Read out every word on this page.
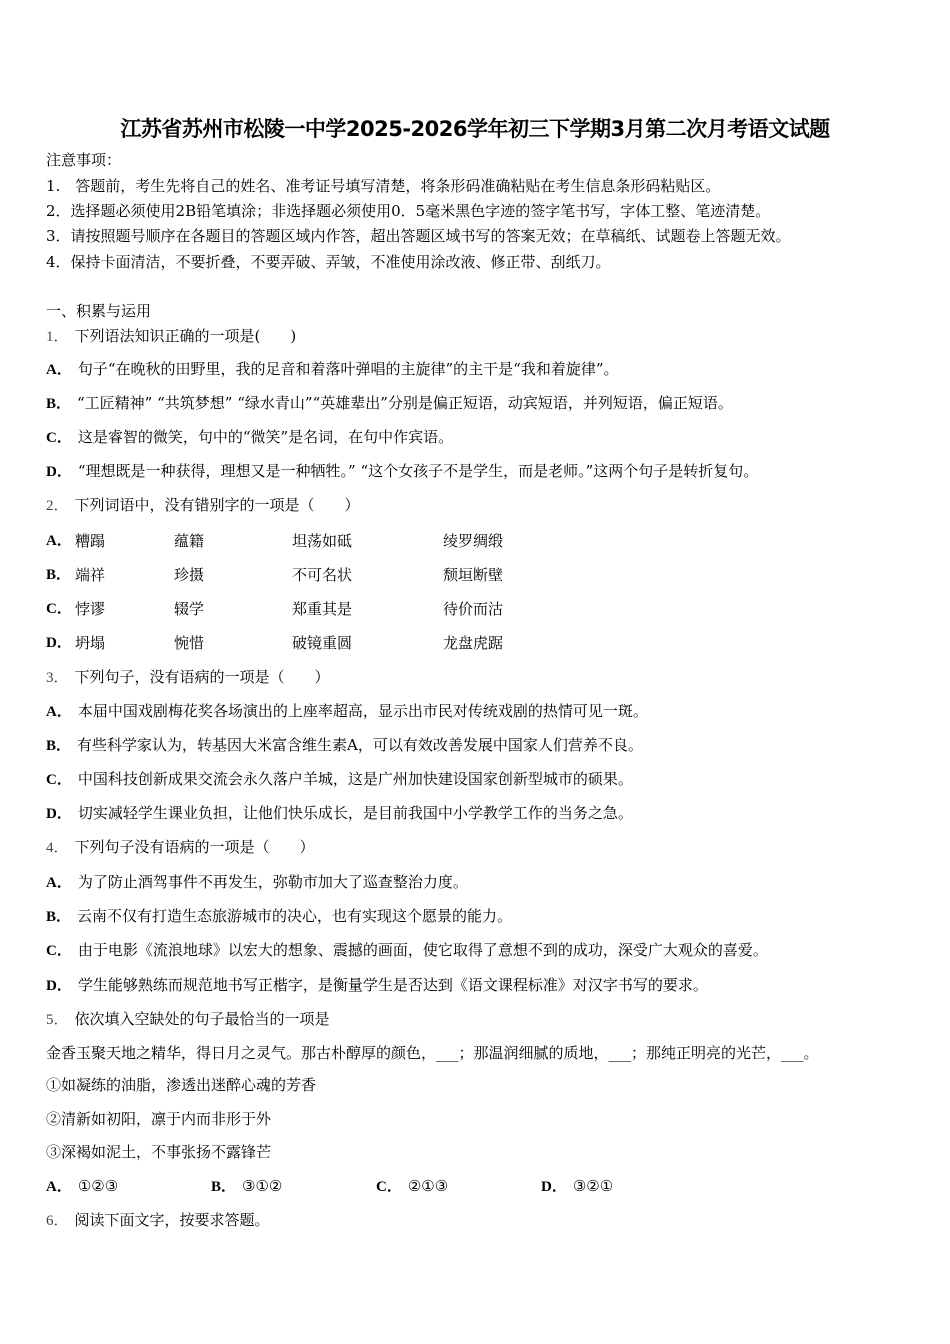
江苏省苏州市松陵一中学2025-2026学年初三下学期3月第二次月考语文试题
注意事项：
1.　答题前，考生先将自己的姓名、准考证号填写清楚，将条形码准确粘贴在考生信息条形码粘贴区。
2．选择题必须使用2B铅笔填涂；非选择题必须使用0．5毫米黑色字迹的签字笔书写，字体工整、笔迹清楚。
3．请按照题号顺序在各题目的答题区域内作答，超出答题区域书写的答案无效；在草稿纸、试题卷上答题无效。
4．保持卡面清洁，不要折叠，不要弄破、弄皱，不准使用涂改液、修正带、刮纸刀。
一、积累与运用
1． 下列语法知识正确的一项是(　　)
A． 句子“在晚秋的田野里，我的足音和着落叶弹唱的主旋律”的主干是“我和着旋律”。
B． “工匠精神” “共筑梦想” “绿水青山”“英雄辈出”分别是偏正短语，动宾短语，并列短语，偏正短语。
C． 这是睿智的微笑，句中的“微笑”是名词，在句中作宾语。
D． “理想既是一种获得，理想又是一种牺牲。” “这个女孩子不是学生，而是老师。”这两个句子是转折复句。
2． 下列词语中，没有错别字的一项是（　　）
A． 糟蹋	蕴籍	坦荡如砥	绫罗绸缎
B． 端祥	珍摄	不可名状	颓垣断壁
C． 悖谬	辍学	郑重其是	待价而沽
D． 坍塌	惋惜	破镜重圆	龙盘虎踞
3． 下列句子，没有语病的一项是（　　）
A． 本届中国戏剧梅花奖各场演出的上座率超高，显示出市民对传统戏剧的热情可见一斑。
B． 有些科学家认为，转基因大米富含维生素A，可以有效改善发展中国家人们营养不良。
C． 中国科技创新成果交流会永久落户羊城，这是广州加快建设国家创新型城市的硕果。
D． 切实减轻学生课业负担，让他们快乐成长，是目前我国中小学教学工作的当务之急。
4． 下列句子没有语病的一项是（　　）
A． 为了防止酒驾事件不再发生，弥勒市加大了巡查整治力度。
B． 云南不仅有打造生态旅游城市的决心，也有实现这个愿景的能力。
C． 由于电影《流浪地球》以宏大的想象、震撼的画面，使它取得了意想不到的成功，深受广大观众的喜爱。
D． 学生能够熟练而规范地书写正楷字，是衡量学生是否达到《语文课程标准》对汉字书写的要求。
5． 依次填入空缺处的句子最恰当的一项是
金香玉聚天地之精华，得日月之灵气。那古朴醇厚的颜色，___；那温润细腻的质地，___；那纯正明亮的光芒，___。
①如凝练的油脂，渗透出迷醉心魂的芳香
②清新如初阳，凛于内而非形于外
③深褐如泥土，不事张扬不露锋芒
A． ①②③	B． ③①②	C． ②①③	D． ③②①
6． 阅读下面文字，按要求答题。
